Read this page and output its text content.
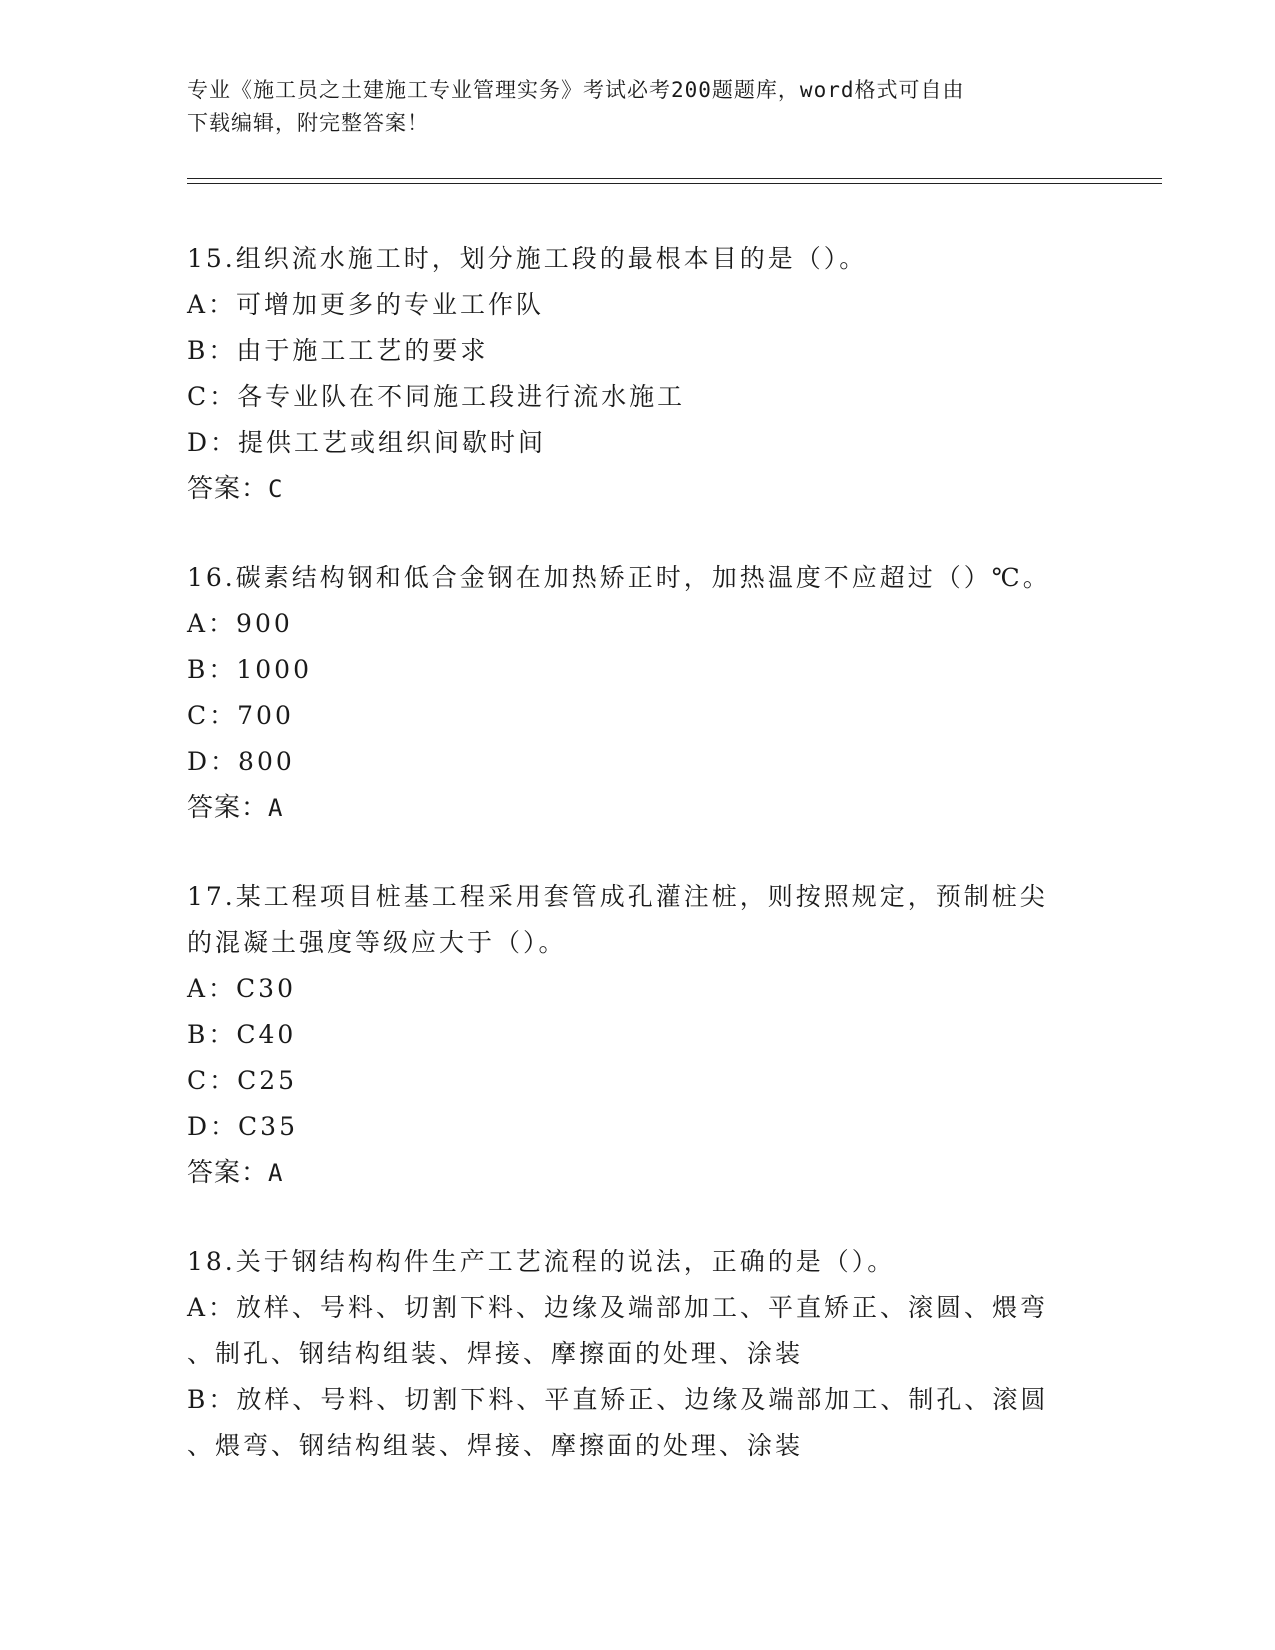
专业《施工员之土建施工专业管理实务》考试必考200题题库，word格式可自由
下载编辑，附完整答案！
15.组织流水施工时，划分施工段的最根本目的是（）。
A：可增加更多的专业工作队
B：由于施工工艺的要求
C：各专业队在不同施工段进行流水施工
D：提供工艺或组织间歇时间
答案：C
16.碳素结构钢和低合金钢在加热矫正时，加热温度不应超过（）℃。
A：900
B：1000
C：700
D：800
答案：A
17.某工程项目桩基工程采用套管成孔灌注桩，则按照规定，预制桩尖
的混凝土强度等级应大于（）。
A：C30
B：C40
C：C25
D：C35
答案：A
18.关于钢结构构件生产工艺流程的说法，正确的是（）。
A：放样、号料、切割下料、边缘及端部加工、平直矫正、滚圆、煨弯
、制孔、钢结构组装、焊接、摩擦面的处理、涂装
B：放样、号料、切割下料、平直矫正、边缘及端部加工、制孔、滚圆
、煨弯、钢结构组装、焊接、摩擦面的处理、涂装
